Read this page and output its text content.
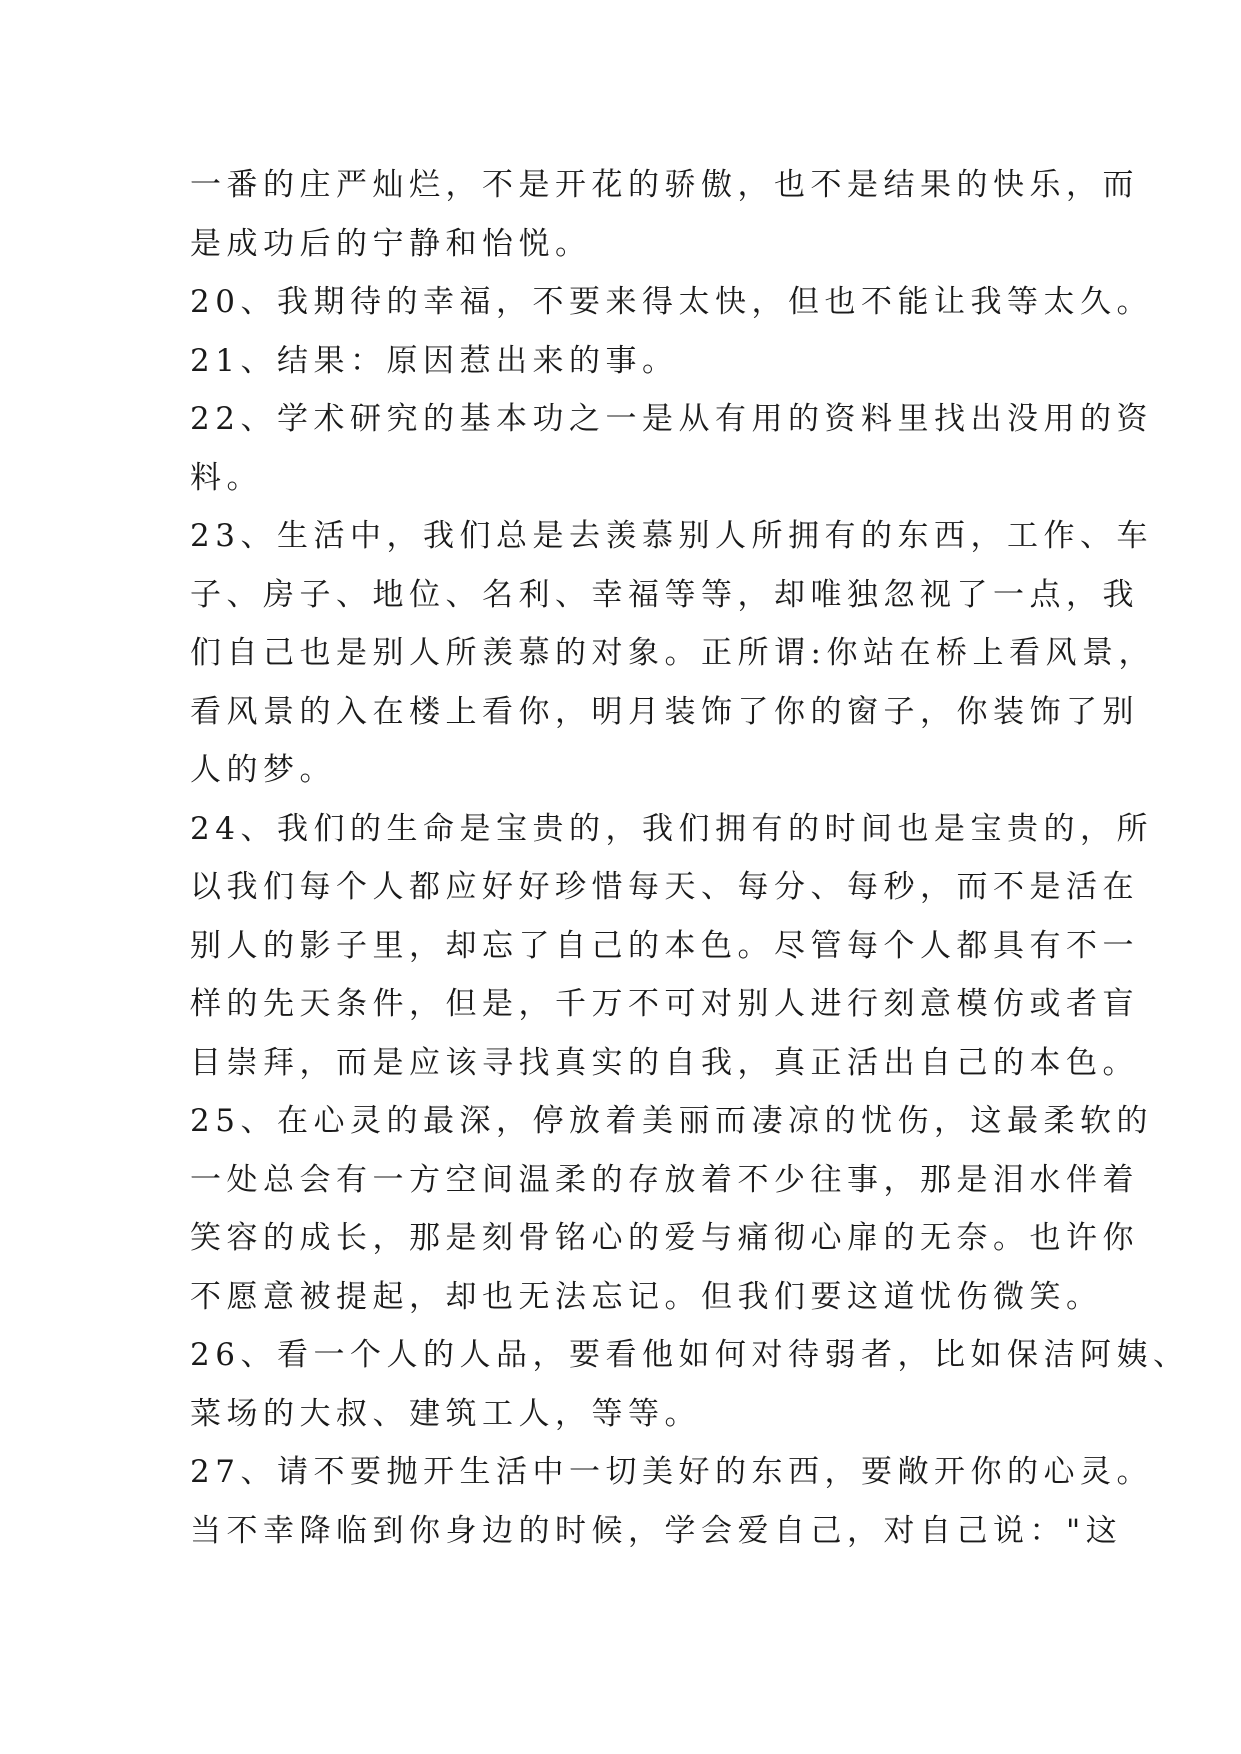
一番的庄严灿烂，不是开花的骄傲，也不是结果的快乐，而
是成功后的宁静和怡悦。
20、我期待的幸福，不要来得太快，但也不能让我等太久。
21、结果：原因惹出来的事。
22、学术研究的基本功之一是从有用的资料里找出没用的资
料。
23、生活中，我们总是去羡慕别人所拥有的东西，工作、车
子、房子、地位、名利、幸福等等，却唯独忽视了一点，我
们自己也是别人所羡慕的对象。正所谓:你站在桥上看风景，
看风景的入在楼上看你，明月装饰了你的窗子，你装饰了别
人的梦。
24、我们的生命是宝贵的，我们拥有的时间也是宝贵的，所
以我们每个人都应好好珍惜每天、每分、每秒，而不是活在
别人的影子里，却忘了自己的本色。尽管每个人都具有不一
样的先天条件，但是，千万不可对别人进行刻意模仿或者盲
目崇拜，而是应该寻找真实的自我，真正活出自己的本色。
25、在心灵的最深，停放着美丽而凄凉的忧伤，这最柔软的
一处总会有一方空间温柔的存放着不少往事，那是泪水伴着
笑容的成长，那是刻骨铭心的爱与痛彻心扉的无奈。也许你
不愿意被提起，却也无法忘记。但我们要这道忧伤微笑。
26、看一个人的人品，要看他如何对待弱者，比如保洁阿姨、
菜场的大叔、建筑工人，等等。
27、请不要抛开生活中一切美好的东西，要敞开你的心灵。
当不幸降临到你身边的时候，学会爱自己，对自己说："这
